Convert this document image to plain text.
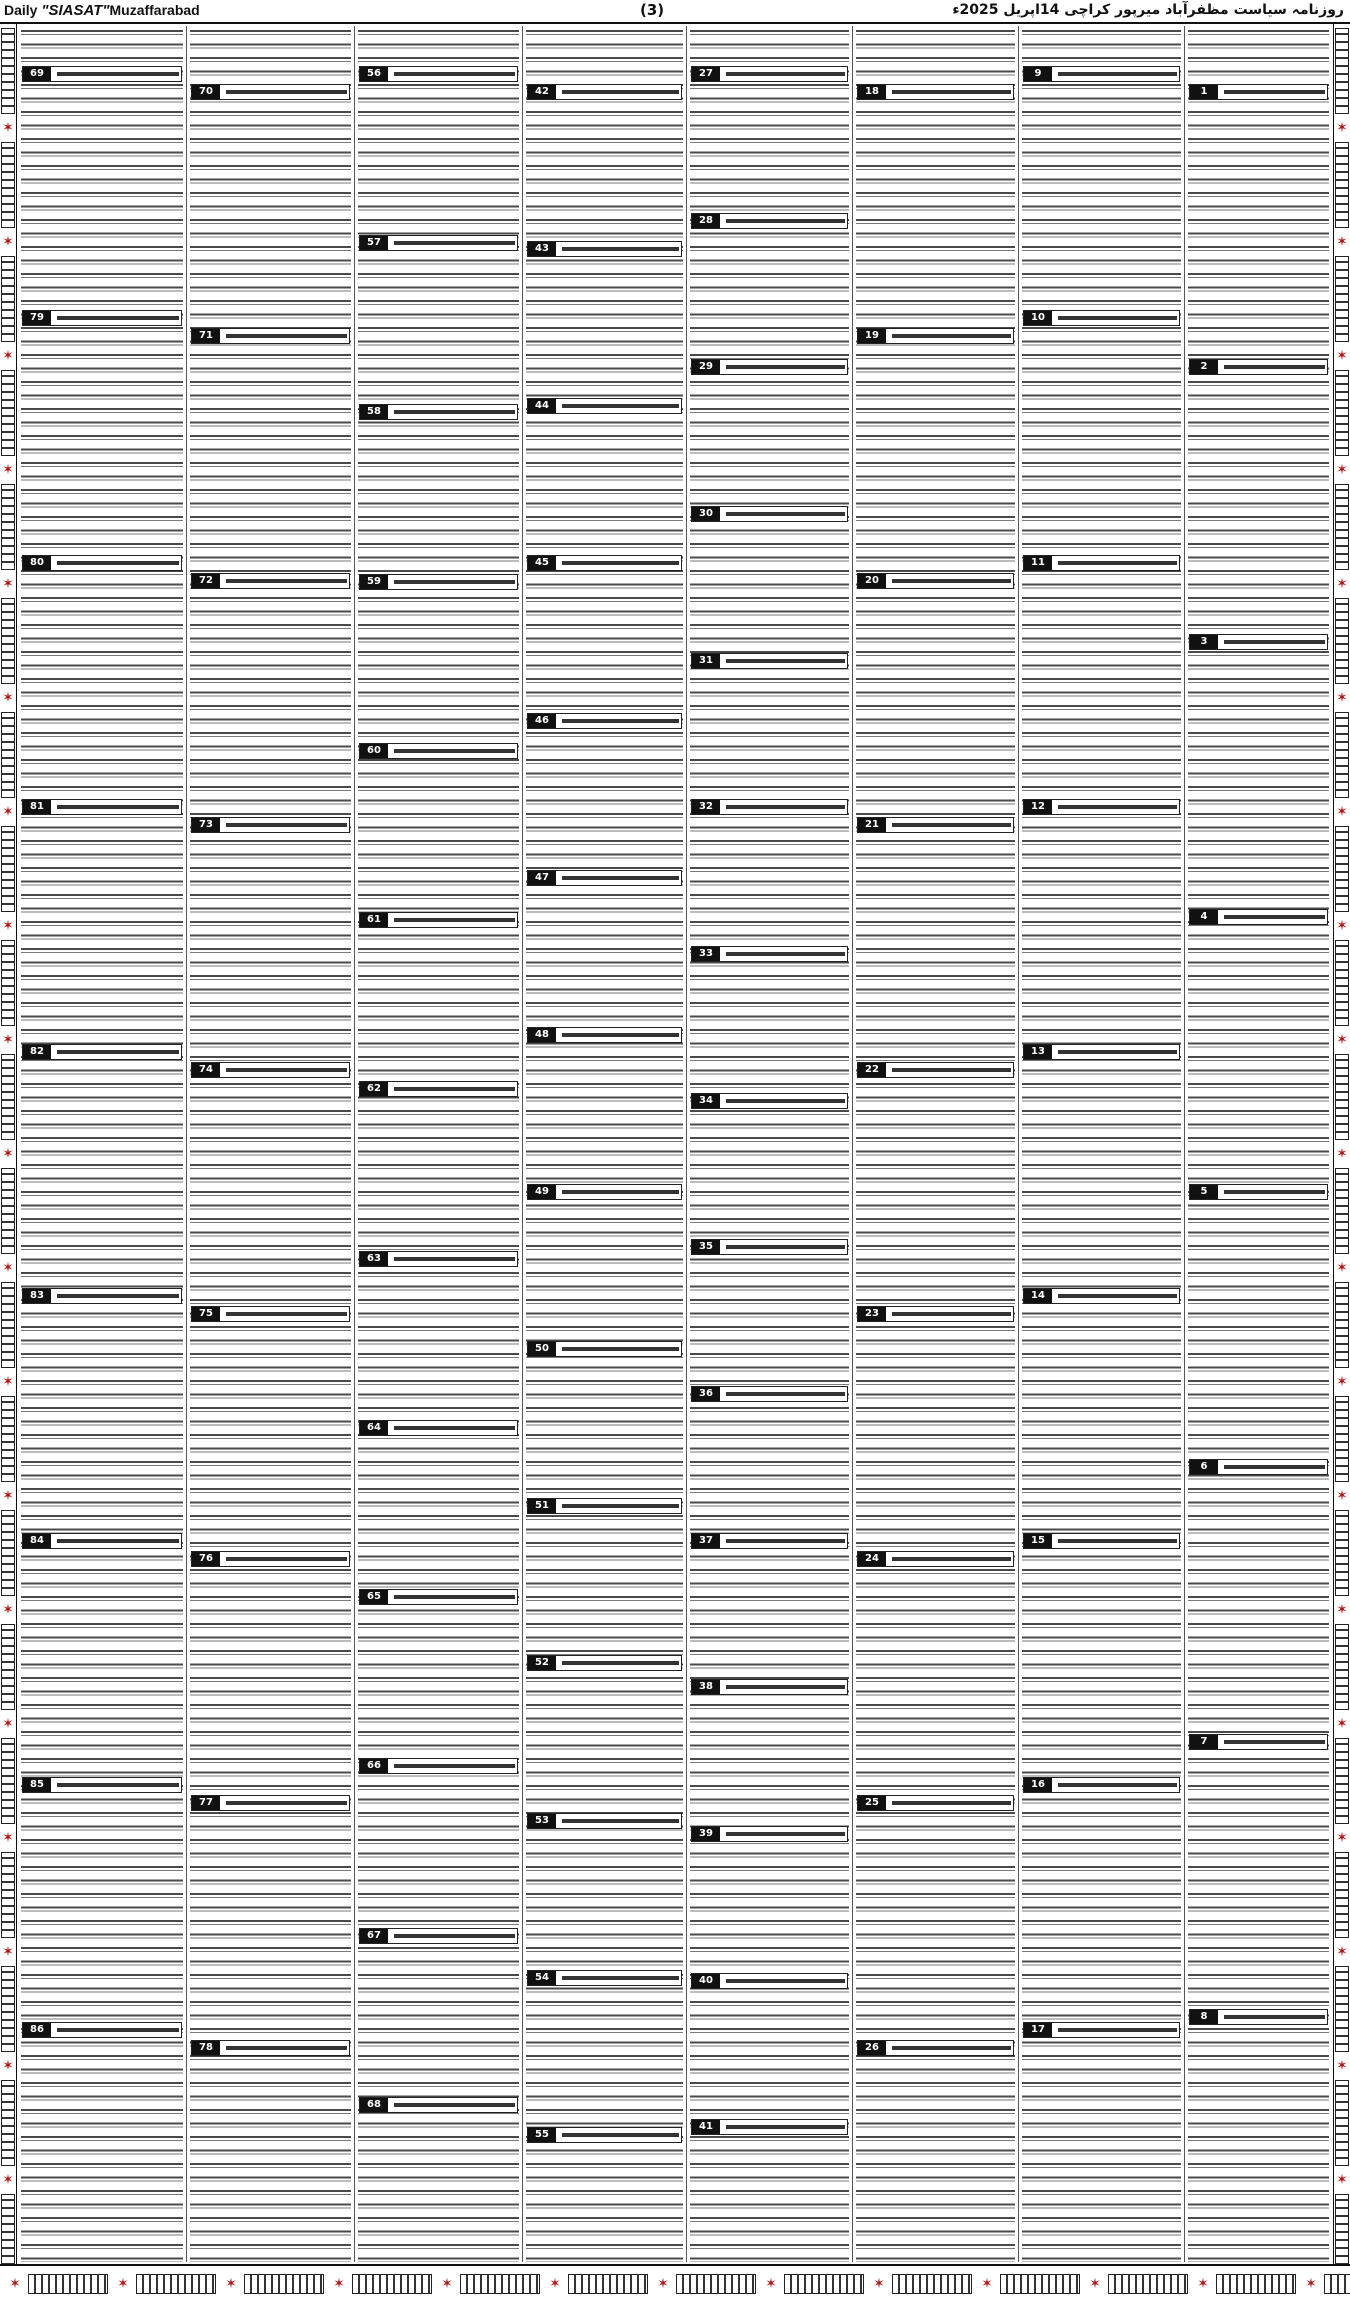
Daily "SIASAT"Muzaffarabad	(3)	روزنامہ سیاست مظفرآباد میرپور کراچی 14اپریل 2025ء
✶
✶
✶
✶
✶
✶
✶
✶
✶
✶
✶
✶
✶
✶
✶
✶
✶
✶
✶
✶
✶
✶
✶
✶
✶
✶
✶
✶
✶
✶
✶
✶
✶
✶
✶
✶
✶
✶
69
79
80
81
82
83
84
85
86
70
71
72
73
74
75
76
77
78
56
57
58
59
60
61
62
63
64
65
66
67
68
42
43
44
45
46
47
48
49
50
51
52
53
54
55
27
28
29
30
31
32
33
34
35
36
37
38
39
40
41
18
19
20
21
22
23
24
25
26
9
10
11
12
13
14
15
16
17
1
2
3
4
5
6
7
8
✶	✶	✶	✶	✶	✶	✶	✶	✶	✶	✶	✶	✶
